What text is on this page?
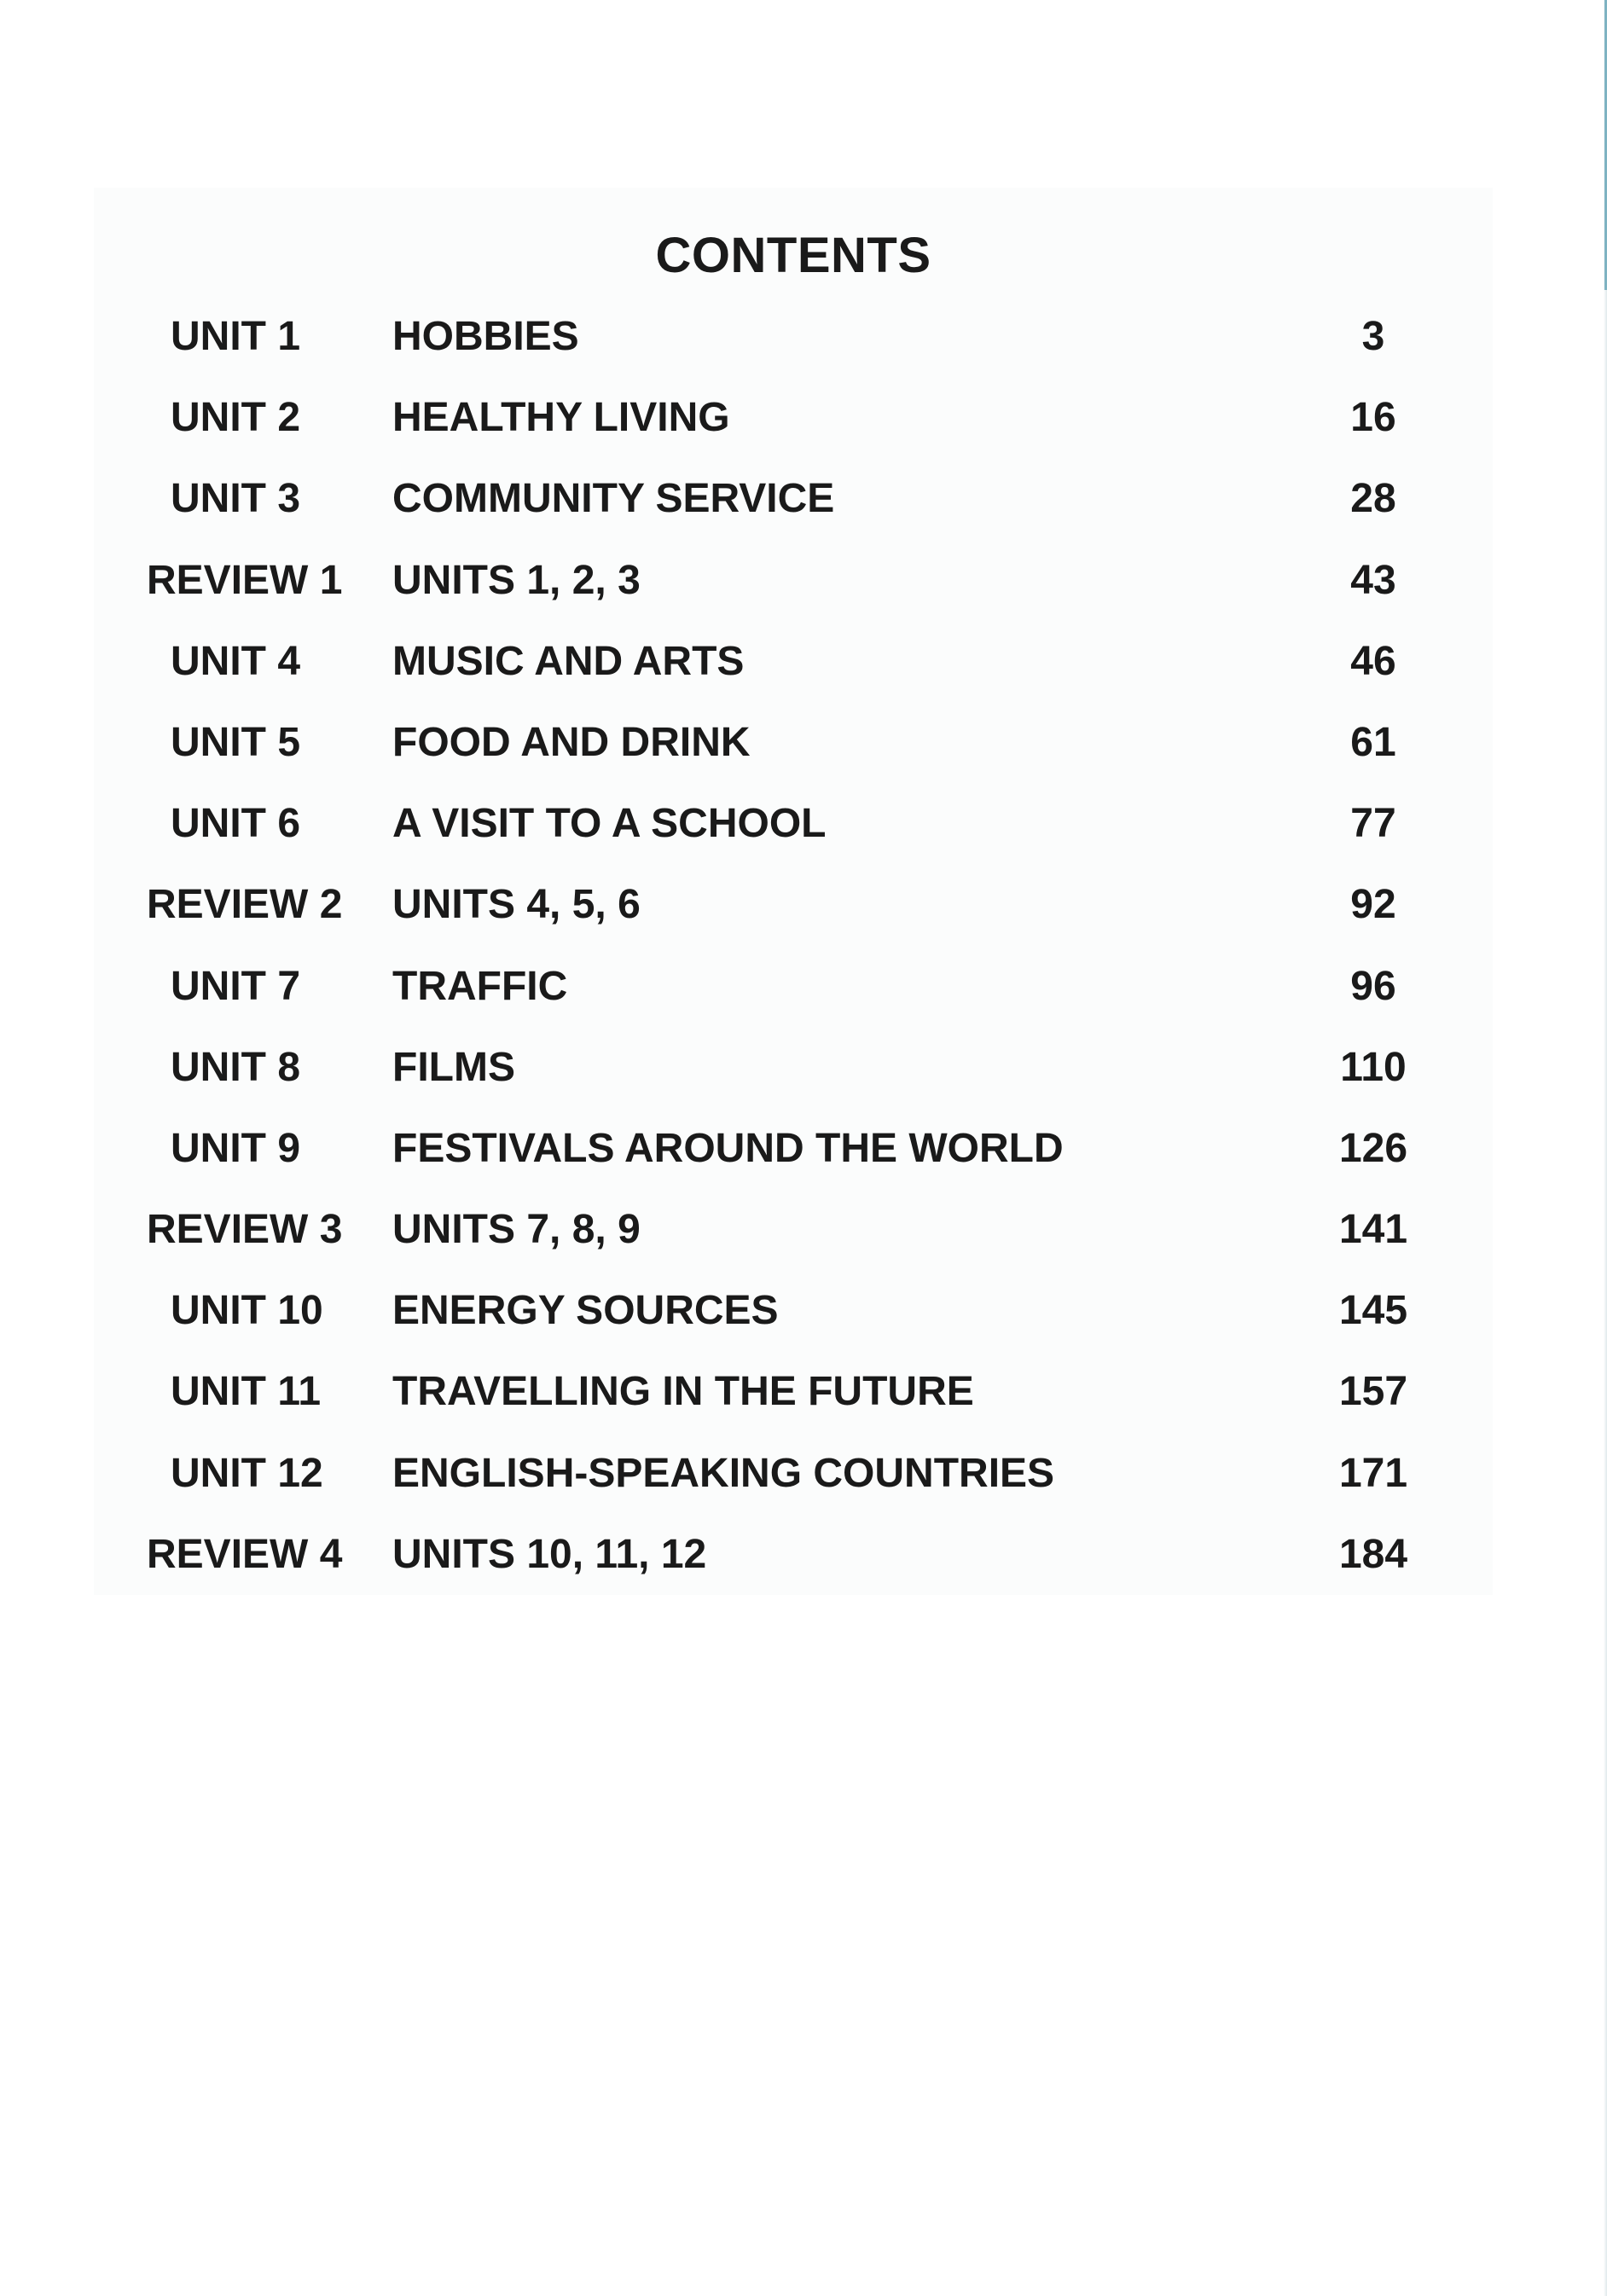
CONTENTS
UNIT 1 HOBBIES	3
UNIT 2 HEALTHY LIVING	16
UNIT 3 COMMUNITY SERVICE	28
REVIEW 1 UNITS 1, 2, 3	43
UNIT 4 MUSIC AND ARTS	46
UNIT 5 FOOD AND DRINK	61
UNIT 6 A VISIT TO A SCHOOL	77
REVIEW 2 UNITS 4, 5, 6	92
UNIT 7 TRAFFIC	96
UNIT 8 FILMS	110
UNIT 9 FESTIVALS AROUND THE WORLD	126
REVIEW 3 UNITS 7, 8, 9	141
UNIT 10 ENERGY SOURCES	145
UNIT 11 TRAVELLING IN THE FUTURE	157
UNIT 12 ENGLISH-SPEAKING COUNTRIES	171
REVIEW 4 UNITS 10, 11, 12	184
